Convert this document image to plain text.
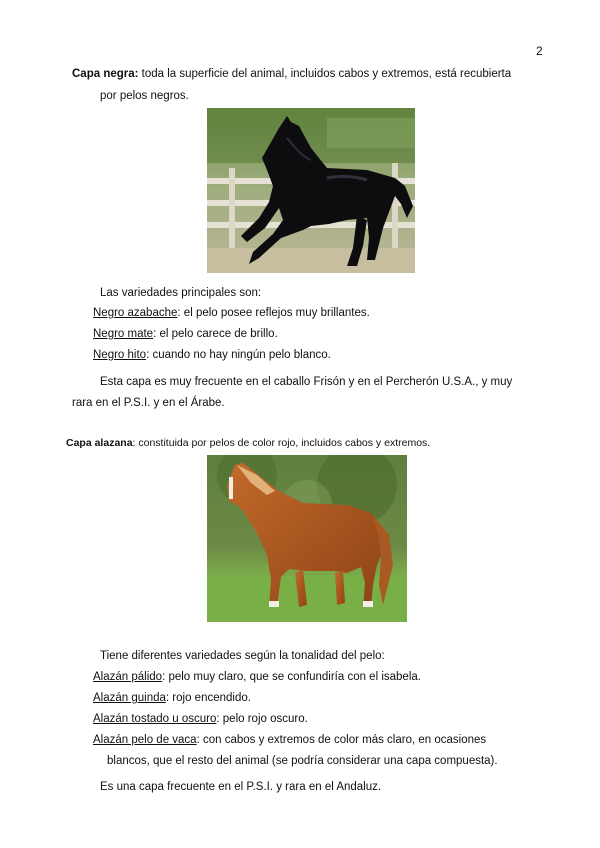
2
Capa negra: toda la superficie del animal, incluidos cabos y extremos, está recubierta
por pelos negros.
Las variedades principales son:
Negro azabache: el pelo posee reflejos muy brillantes.
Negro mate: el pelo carece de brillo.
Negro hito: cuando no hay ningún pelo blanco.
Esta capa es muy frecuente en el caballo Frisón y en el Percherón U.S.A., y muy
rara en el P.S.I. y en el Árabe.
Capa alazana: constituida por pelos de color rojo, incluidos cabos y extremos.
Tiene diferentes variedades según la tonalidad del pelo:
Alazán pálido: pelo muy claro, que se confundiría con el isabela.
Alazán guinda: rojo encendido.
Alazán tostado u oscuro: pelo rojo oscuro.
Alazán pelo de vaca: con cabos y extremos de color más claro, en ocasiones
blancos, que el resto del animal (se podría considerar una capa compuesta).
Es una capa frecuente en el P.S.I. y rara en el Andaluz.
